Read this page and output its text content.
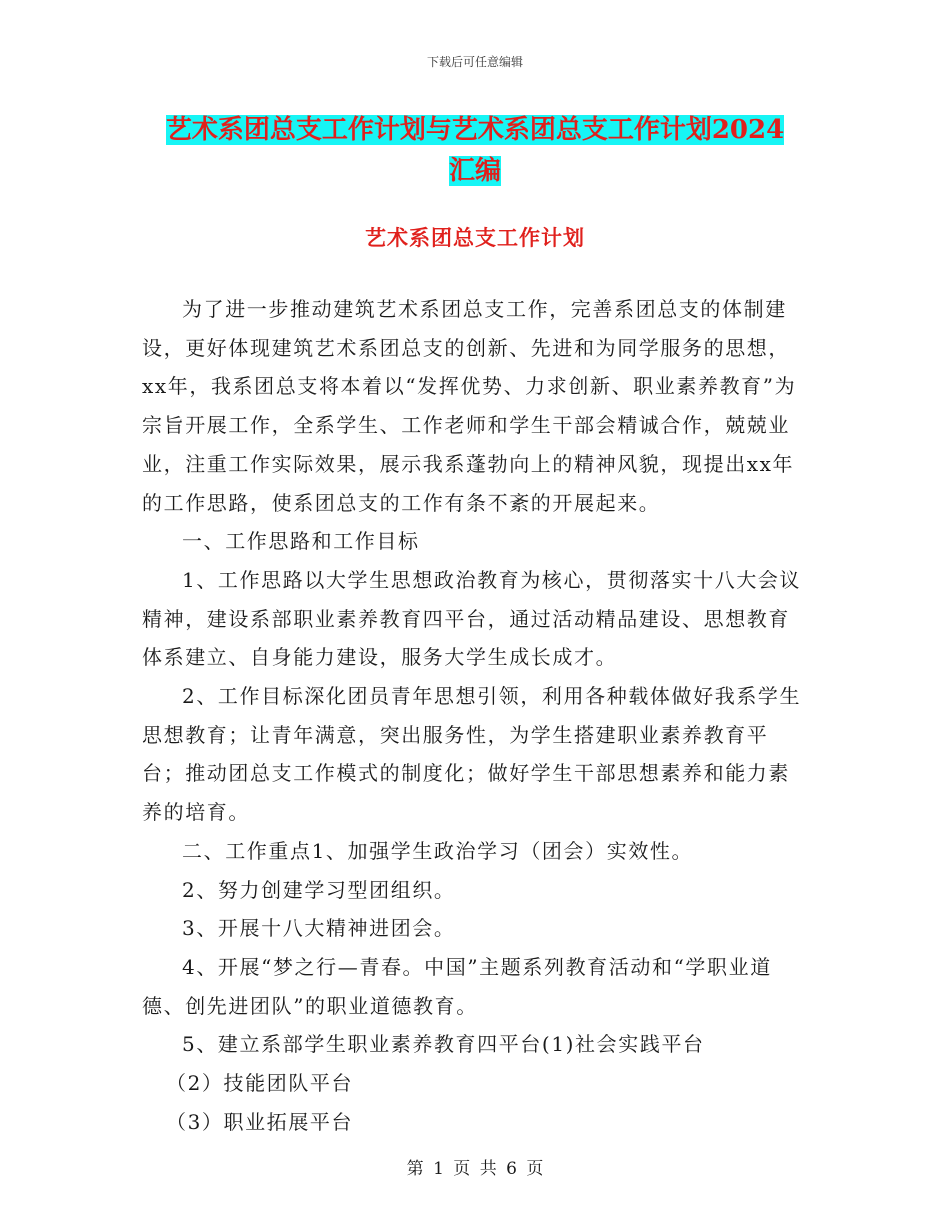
下载后可任意编辑
艺术系团总支工作计划与艺术系团总支工作计划2024
汇编
艺术系团总支工作计划

为了进一步推动建筑艺术系团总支工作，完善系团总支的体制建设，更好体现建筑艺术系团总支的创新、先进和为同学服务的思想，xx年，我系团总支将本着以“发挥优势、力求创新、职业素养教育”为宗旨开展工作，全系学生、工作老师和学生干部会精诚合作，兢兢业业，注重工作实际效果，展示我系蓬勃向上的精神风貌，现提出xx年的工作思路，使系团总支的工作有条不紊的开展起来。

一、工作思路和工作目标

1、工作思路以大学生思想政治教育为核心，贯彻落实十八大会议精神，建设系部职业素养教育四平台，通过活动精品建设、思想教育体系建立、自身能力建设，服务大学生成长成才。

2、工作目标深化团员青年思想引领，利用各种载体做好我系学生思想教育；让青年满意，突出服务性，为学生搭建职业素养教育平台；推动团总支工作模式的制度化；做好学生干部思想素养和能力素养的培育。

二、工作重点1、加强学生政治学习（团会）实效性。

2、努力创建学习型团组织。

3、开展十八大精神进团会。

4、开展“梦之行—青春。中国”主题系列教育活动和“学职业道德、创先进团队”的职业道德教育。

5、建立系部学生职业素养教育四平台(1)社会实践平台

（2）技能团队平台

（3）职业拓展平台

第 1 页 共 6 页
